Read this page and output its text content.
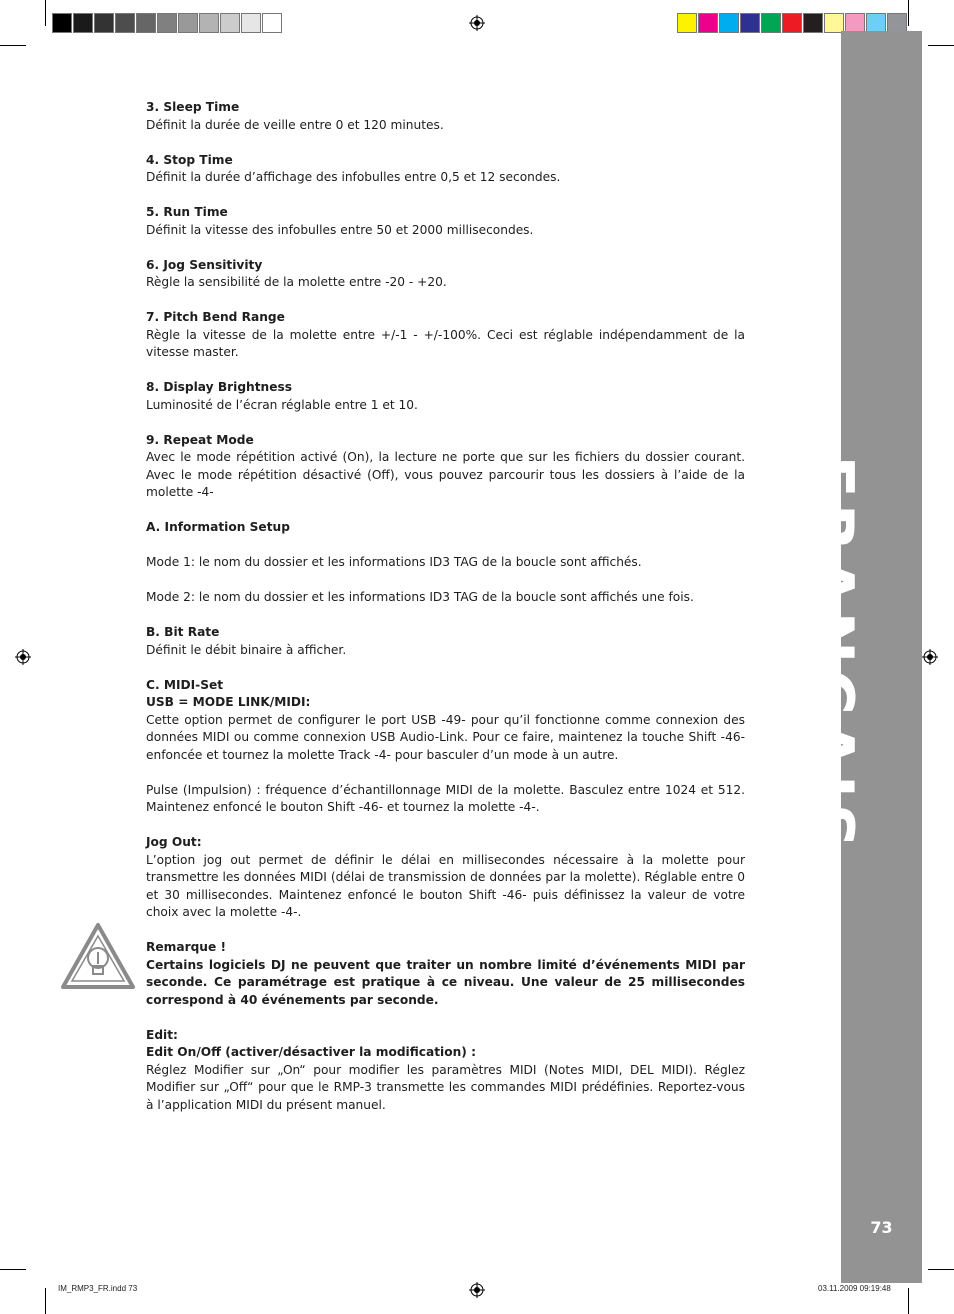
FRANCAIS
73

3. Sleep Time

Définit la durée de veille entre 0 et 120 minutes.

4. Stop Time

Définit la durée d’affichage des infobulles entre 0,5 et 12 secondes.

5. Run Time

Définit la vitesse des infobulles entre 50 et 2000 millisecondes.

6. Jog Sensitivity

Règle la sensibilité de la molette entre -20 - +20.

7. Pitch Bend Range

Règle la vitesse de la molette entre +/-1 - +/-100%. Ceci est réglable indépendamment de la vitesse master.

8. Display Brightness

Luminosité de l’écran réglable entre 1 et 10.

9. Repeat Mode

Avec le mode répétition activé (On), la lecture ne porte que sur les fichiers du dossier courant. Avec le mode répétition désactivé (Off), vous pouvez parcourir tous les dossiers à l’aide de la molette -4-

A. Information Setup

Mode 1: le nom du dossier et les informations ID3 TAG de la boucle sont affichés.

Mode 2: le nom du dossier et les informations ID3 TAG de la boucle sont affichés une fois.

B. Bit Rate

Définit le débit binaire à afficher.

C. MIDI-Set

USB = MODE LINK/MIDI:

Cette option permet de configurer le port USB -49- pour qu’il fonctionne comme connexion des données MIDI ou comme connexion USB Audio-Link. Pour ce faire, maintenez la touche Shift -46- enfoncée et tournez la molette Track -4- pour basculer d’un mode à un autre.

Pulse (Impulsion) : fréquence d’échantillonnage MIDI de la molette. Basculez entre 1024 et 512. Maintenez enfoncé le bouton Shift -46- et tournez la molette -4-.

Jog Out:

L’option jog out permet de définir le délai en millisecondes nécessaire à la molette pour transmettre les données MIDI (délai de transmission de données par la molette). Réglable entre 0 et 30 millisecondes. Maintenez enfoncé le bouton Shift -46- puis définissez la valeur de votre choix avec la molette -4-.

Remarque !

Certains logiciels DJ ne peuvent que traiter un nombre limité d’événements MIDI par seconde. Ce paramétrage est pratique à ce niveau. Une valeur de 25 millisecondes correspond à 40 événements par seconde.

Edit:

Edit On/Off (activer/désactiver la modification) :

Réglez Modifier sur „On“ pour modifier les paramètres MIDI (Notes MIDI, DEL MIDI). Réglez Modifier sur „Off“ pour que le RMP-3 transmette les commandes MIDI prédéfinies. Reportez-vous à l’application MIDI du présent manuel.

IM_RMP3_FR.indd 73	03.11.2009 09:19:48
